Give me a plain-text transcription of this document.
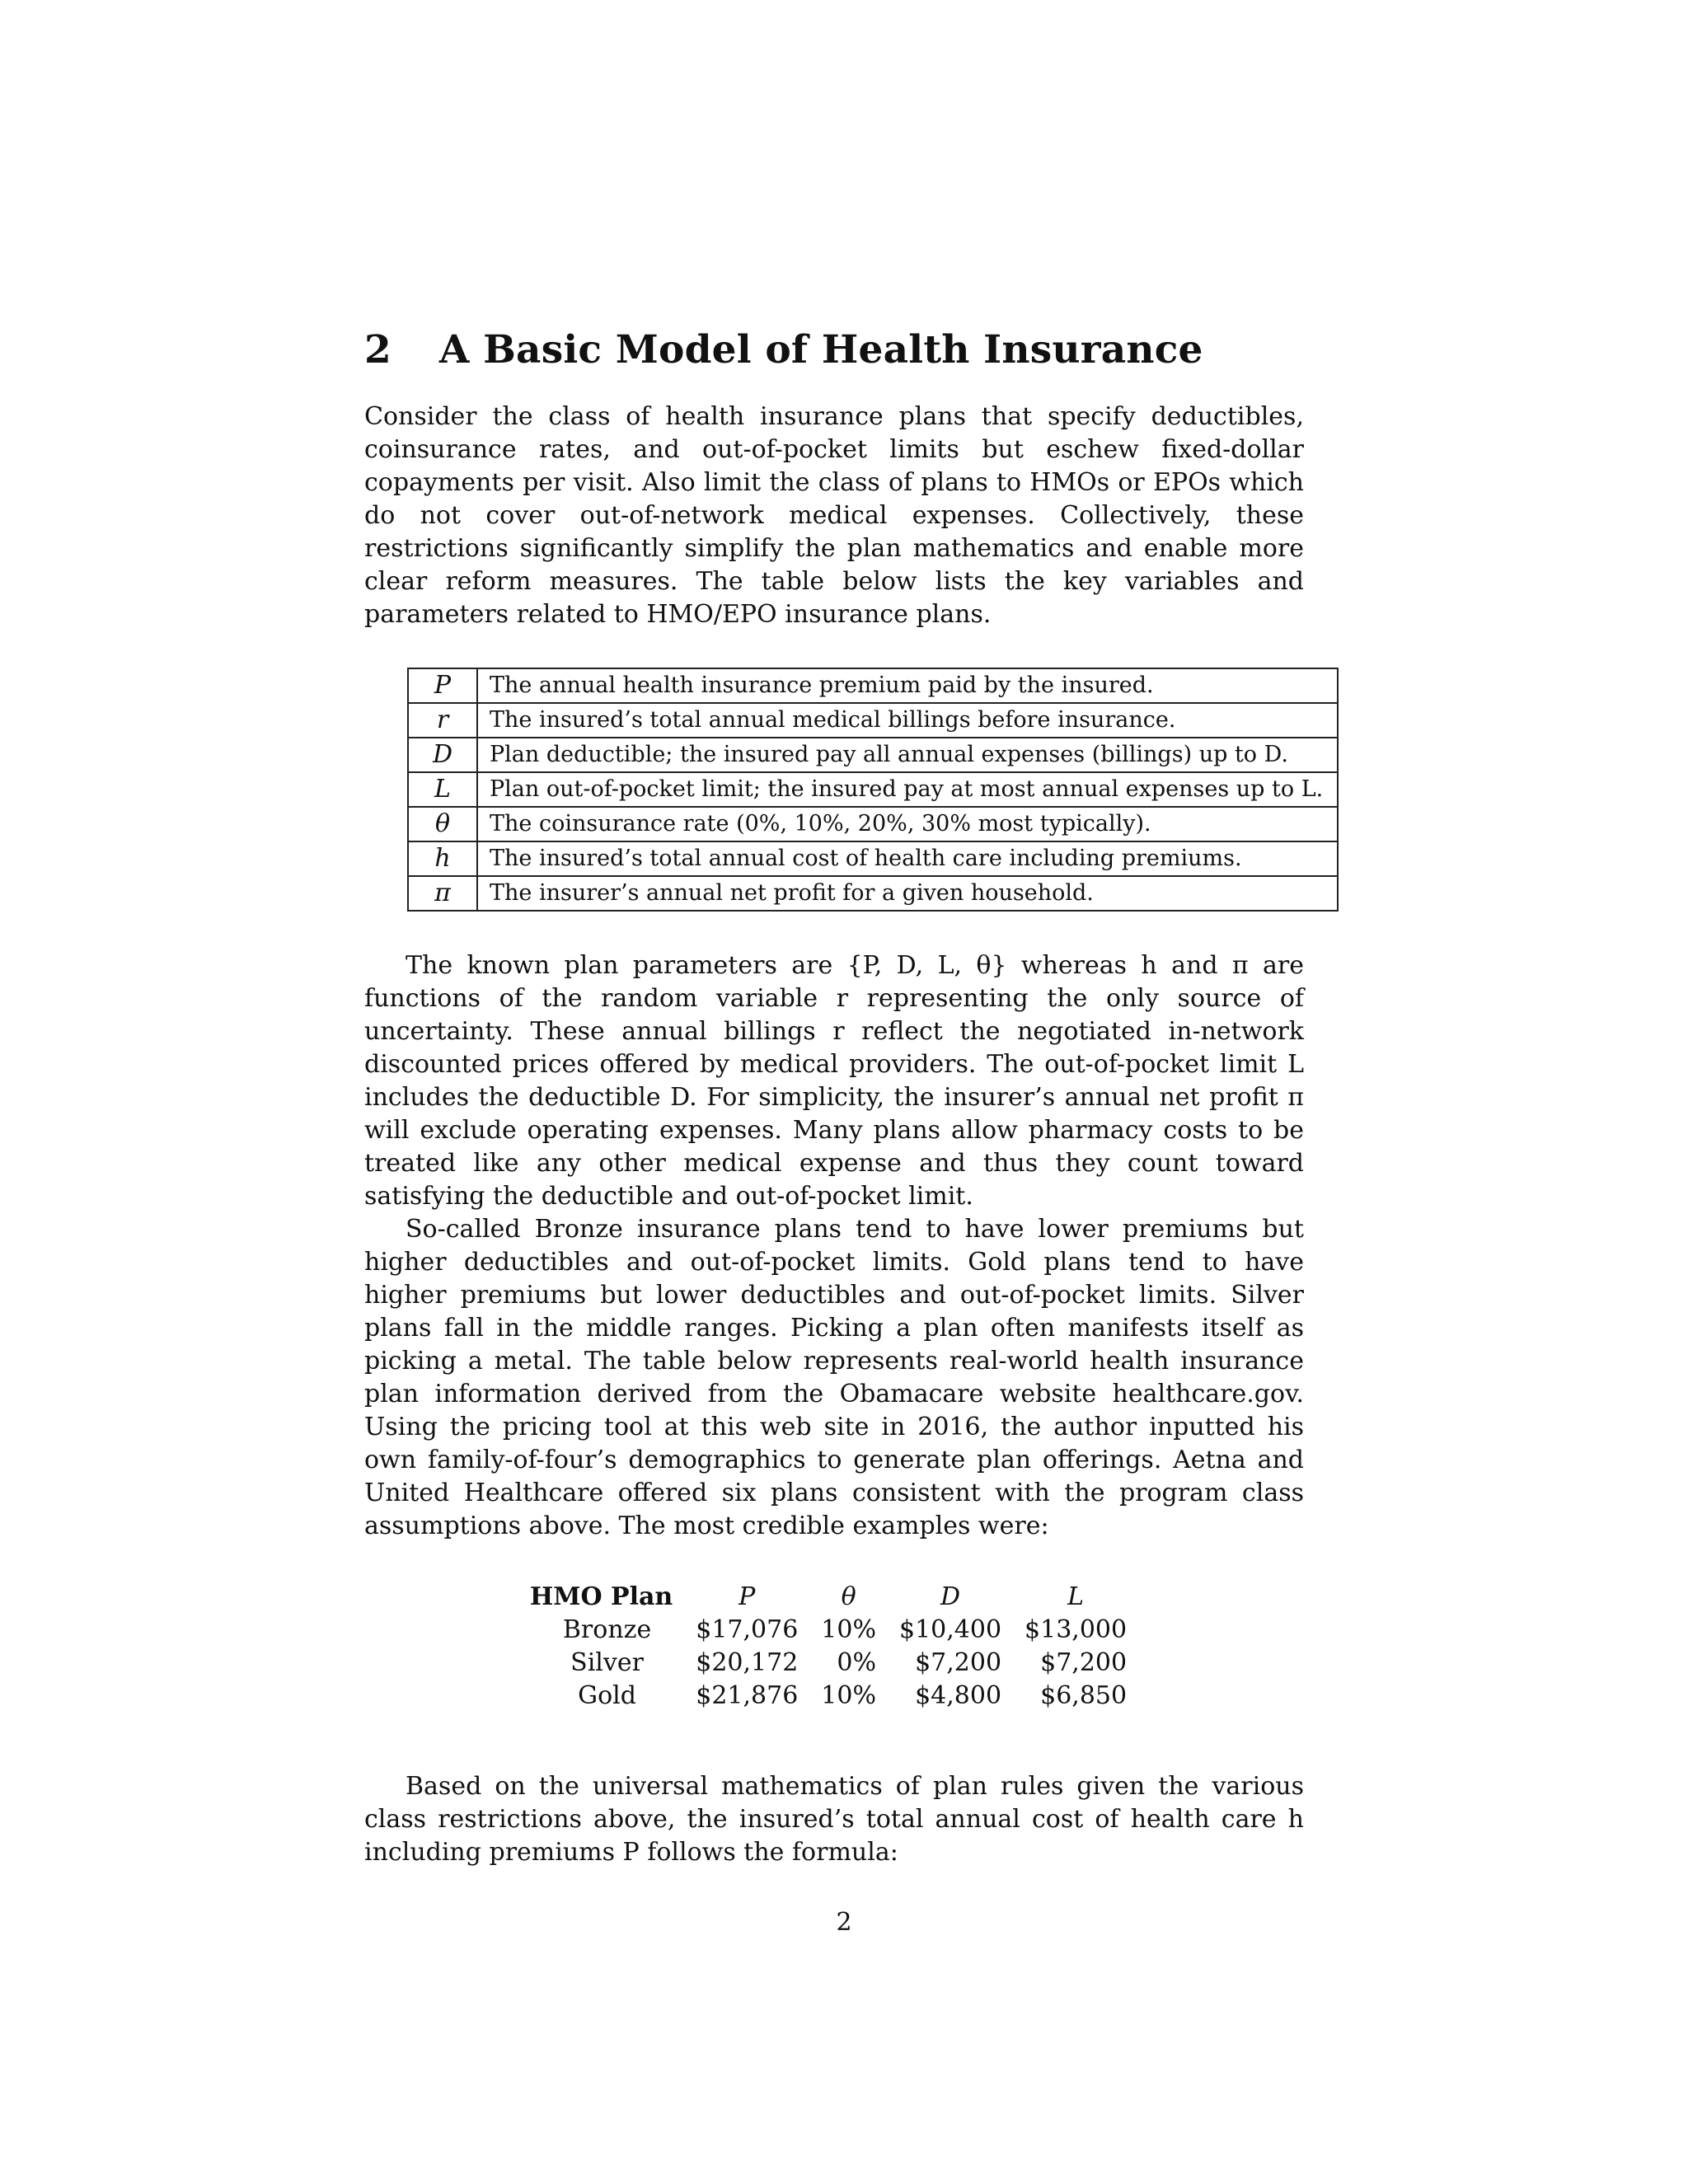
2 A Basic Model of Health Insurance

Consider the class of health insurance plans that specify deductibles, coinsurance rates, and out-of-pocket limits but eschew fixed-dollar copayments per visit. Also limit the class of plans to HMOs or EPOs which do not cover out-of-network medical expenses. Collectively, these restrictions significantly simplify the plan mathematics and enable more clear reform measures. The table below lists the key variables and parameters related to HMO/EPO insurance plans.

P	The annual health insurance premium paid by the insured.
r	The insured’s total annual medical billings before insurance.
D	Plan deductible; the insured pay all annual expenses (billings) up to D.
L	Plan out-of-pocket limit; the insured pay at most annual expenses up to L.
θ	The coinsurance rate (0%, 10%, 20%, 30% most typically).
h	The insured’s total annual cost of health care including premiums.
π	The insurer’s annual net profit for a given household.

The known plan parameters are {P, D, L, θ} whereas h and π are functions of the random variable r representing the only source of uncertainty. These annual billings r reflect the negotiated in-network discounted prices offered by medical providers. The out-of-pocket limit L includes the deductible D. For simplicity, the insurer’s annual net profit π will exclude operating expenses. Many plans allow pharmacy costs to be treated like any other medical expense and thus they count toward satisfying the deductible and out-of-pocket limit.

So-called Bronze insurance plans tend to have lower premiums but higher deductibles and out-of-pocket limits. Gold plans tend to have higher premiums but lower deductibles and out-of-pocket limits. Silver plans fall in the middle ranges. Picking a plan often manifests itself as picking a metal. The table below represents real-world health insurance plan information derived from the Obamacare website healthcare.gov. Using the pricing tool at this web site in 2016, the author inputted his own family-of-four’s demographics to generate plan offerings. Aetna and United Healthcare offered six plans consistent with the program class assumptions above. The most credible examples were:

HMO Plan	P	θ	D	L
Bronze	$17,076	10%	$10,400	$13,000
Silver	$20,172	0%	$7,200	$7,200
Gold	$21,876	10%	$4,800	$6,850

Based on the universal mathematics of plan rules given the various class restrictions above, the insured’s total annual cost of health care h including premiums P follows the formula:

2
